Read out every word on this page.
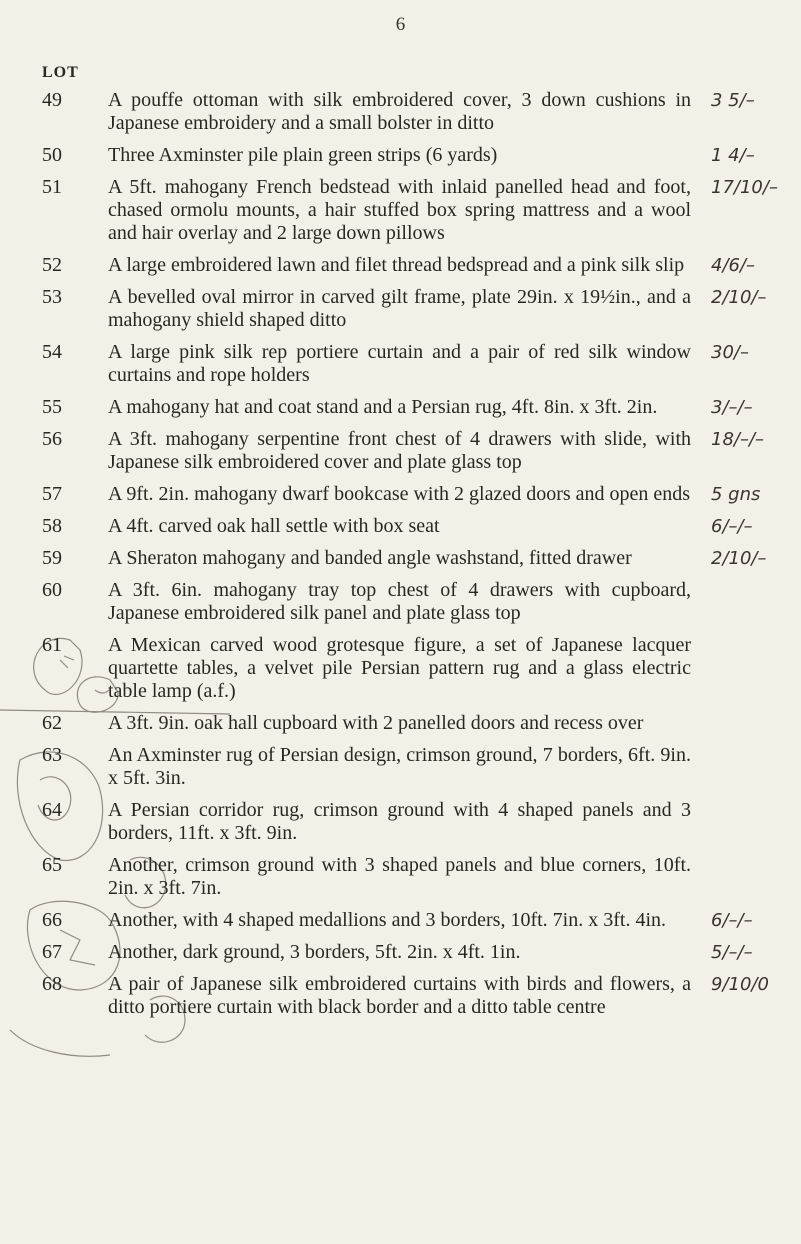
6
LOT
49	A pouffe ottoman with silk embroidered cover, 3 down cushions in Japanese embroidery and a small bolster in ditto
3 5/–
50	Three Axminster pile plain green strips (6 yards)	1 4/–
51	A 5ft. mahogany French bedstead with inlaid panelled head and foot, chased ormolu mounts, a hair stuffed box spring mattress and a wool and hair overlay and 2 large down pillows
17/10/–
52	A large embroidered lawn and filet thread bedspread and a pink silk slip	4/6/–
53	A bevelled oval mirror in carved gilt frame, plate 29in. x 19½in., and a mahogany shield shaped ditto
2/10/–
54	A large pink silk rep portiere curtain and a pair of red silk window curtains and rope holders
30/–
55	A mahogany hat and coat stand and a Persian rug, 4ft. 8in. x 3ft. 2in.	3/–/–
56	A 3ft. mahogany serpentine front chest of 4 drawers with slide, with Japanese silk embroidered cover and plate glass top
18/–/–
57	A 9ft. 2in. mahogany dwarf bookcase with 2 glazed doors and open ends 5 gns
58	A 4ft. carved oak hall settle with box seat	6/–/–
59	A Sheraton mahogany and banded angle washstand, fitted drawer	2/10/–
60	A 3ft. 6in. mahogany tray top chest of 4 drawers with cupboard, Japanese embroidered silk panel and plate glass top
61	A Mexican carved wood grotesque figure, a set of Japanese lacquer quartette tables, a velvet pile Persian pattern rug and a glass electric table lamp (a.f.)
62	A 3ft. 9in. oak hall cupboard with 2 panelled doors and recess over
63	An Axminster rug of Persian design, crimson ground, 7 borders, 6ft. 9in. x 5ft. 3in.
64	A Persian corridor rug, crimson ground with 4 shaped panels and 3 borders, 11ft. x 3ft. 9in.
65	Another, crimson ground with 3 shaped panels and blue corners, 10ft. 2in. x 3ft. 7in.
66	Another, with 4 shaped medallions and 3 borders, 10ft. 7in. x 3ft. 4in.	6/–/–
67	Another, dark ground, 3 borders, 5ft. 2in. x 4ft. 1in.	5/–/–
68	A pair of Japanese silk embroidered curtains with birds and flowers, a ditto portiere curtain with black border and a ditto table centre
9/10/0
